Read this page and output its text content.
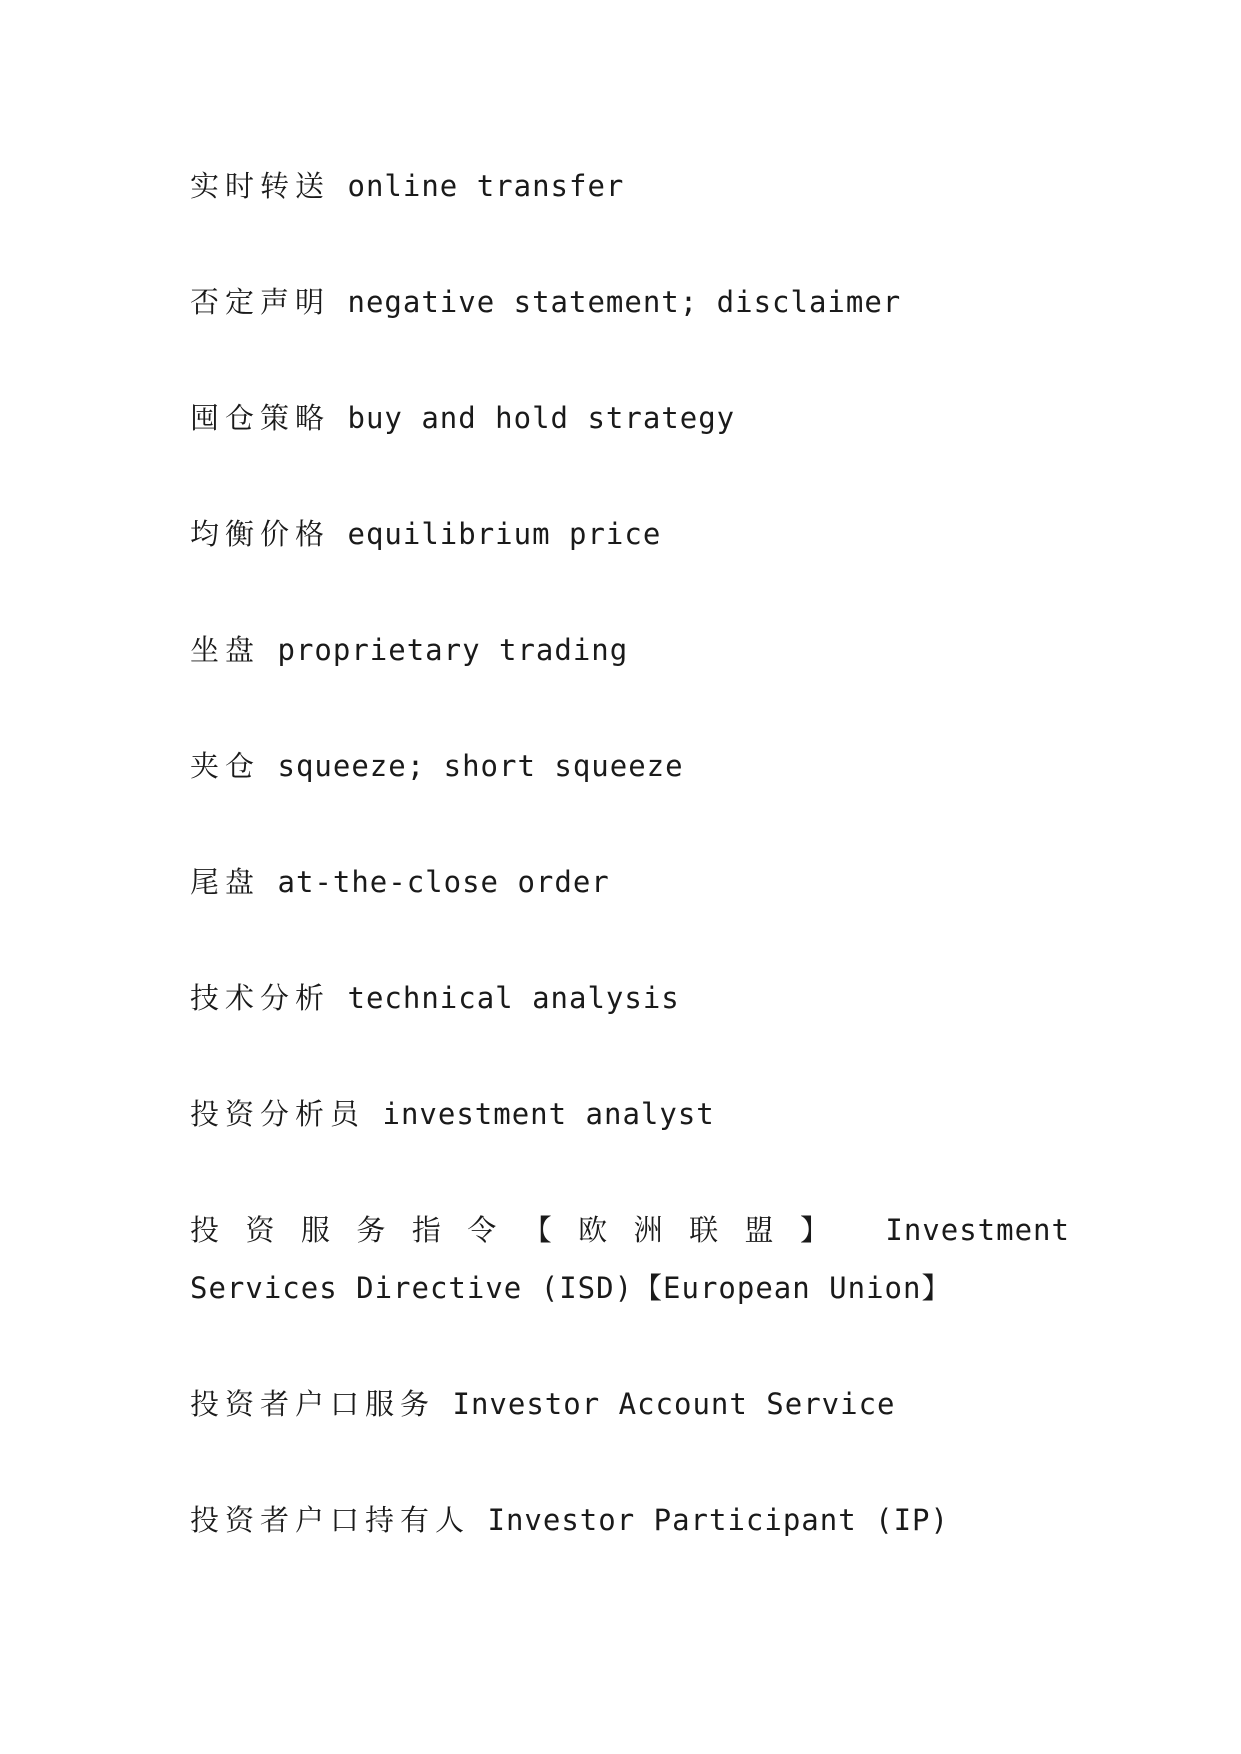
实时转送 online transfer

否定声明 negative statement; disclaimer

囤仓策略 buy and hold strategy

均衡价格 equilibrium price

坐盘 proprietary trading

夹仓 squeeze; short squeeze

尾盘 at-the-close order

技术分析 technical analysis

投资分析员 investment analyst

投资服务指令【欧洲联盟】 Investment Services Directive (ISD)【European Union】

投资者户口服务 Investor Account Service

投资者户口持有人 Investor Participant (IP)
